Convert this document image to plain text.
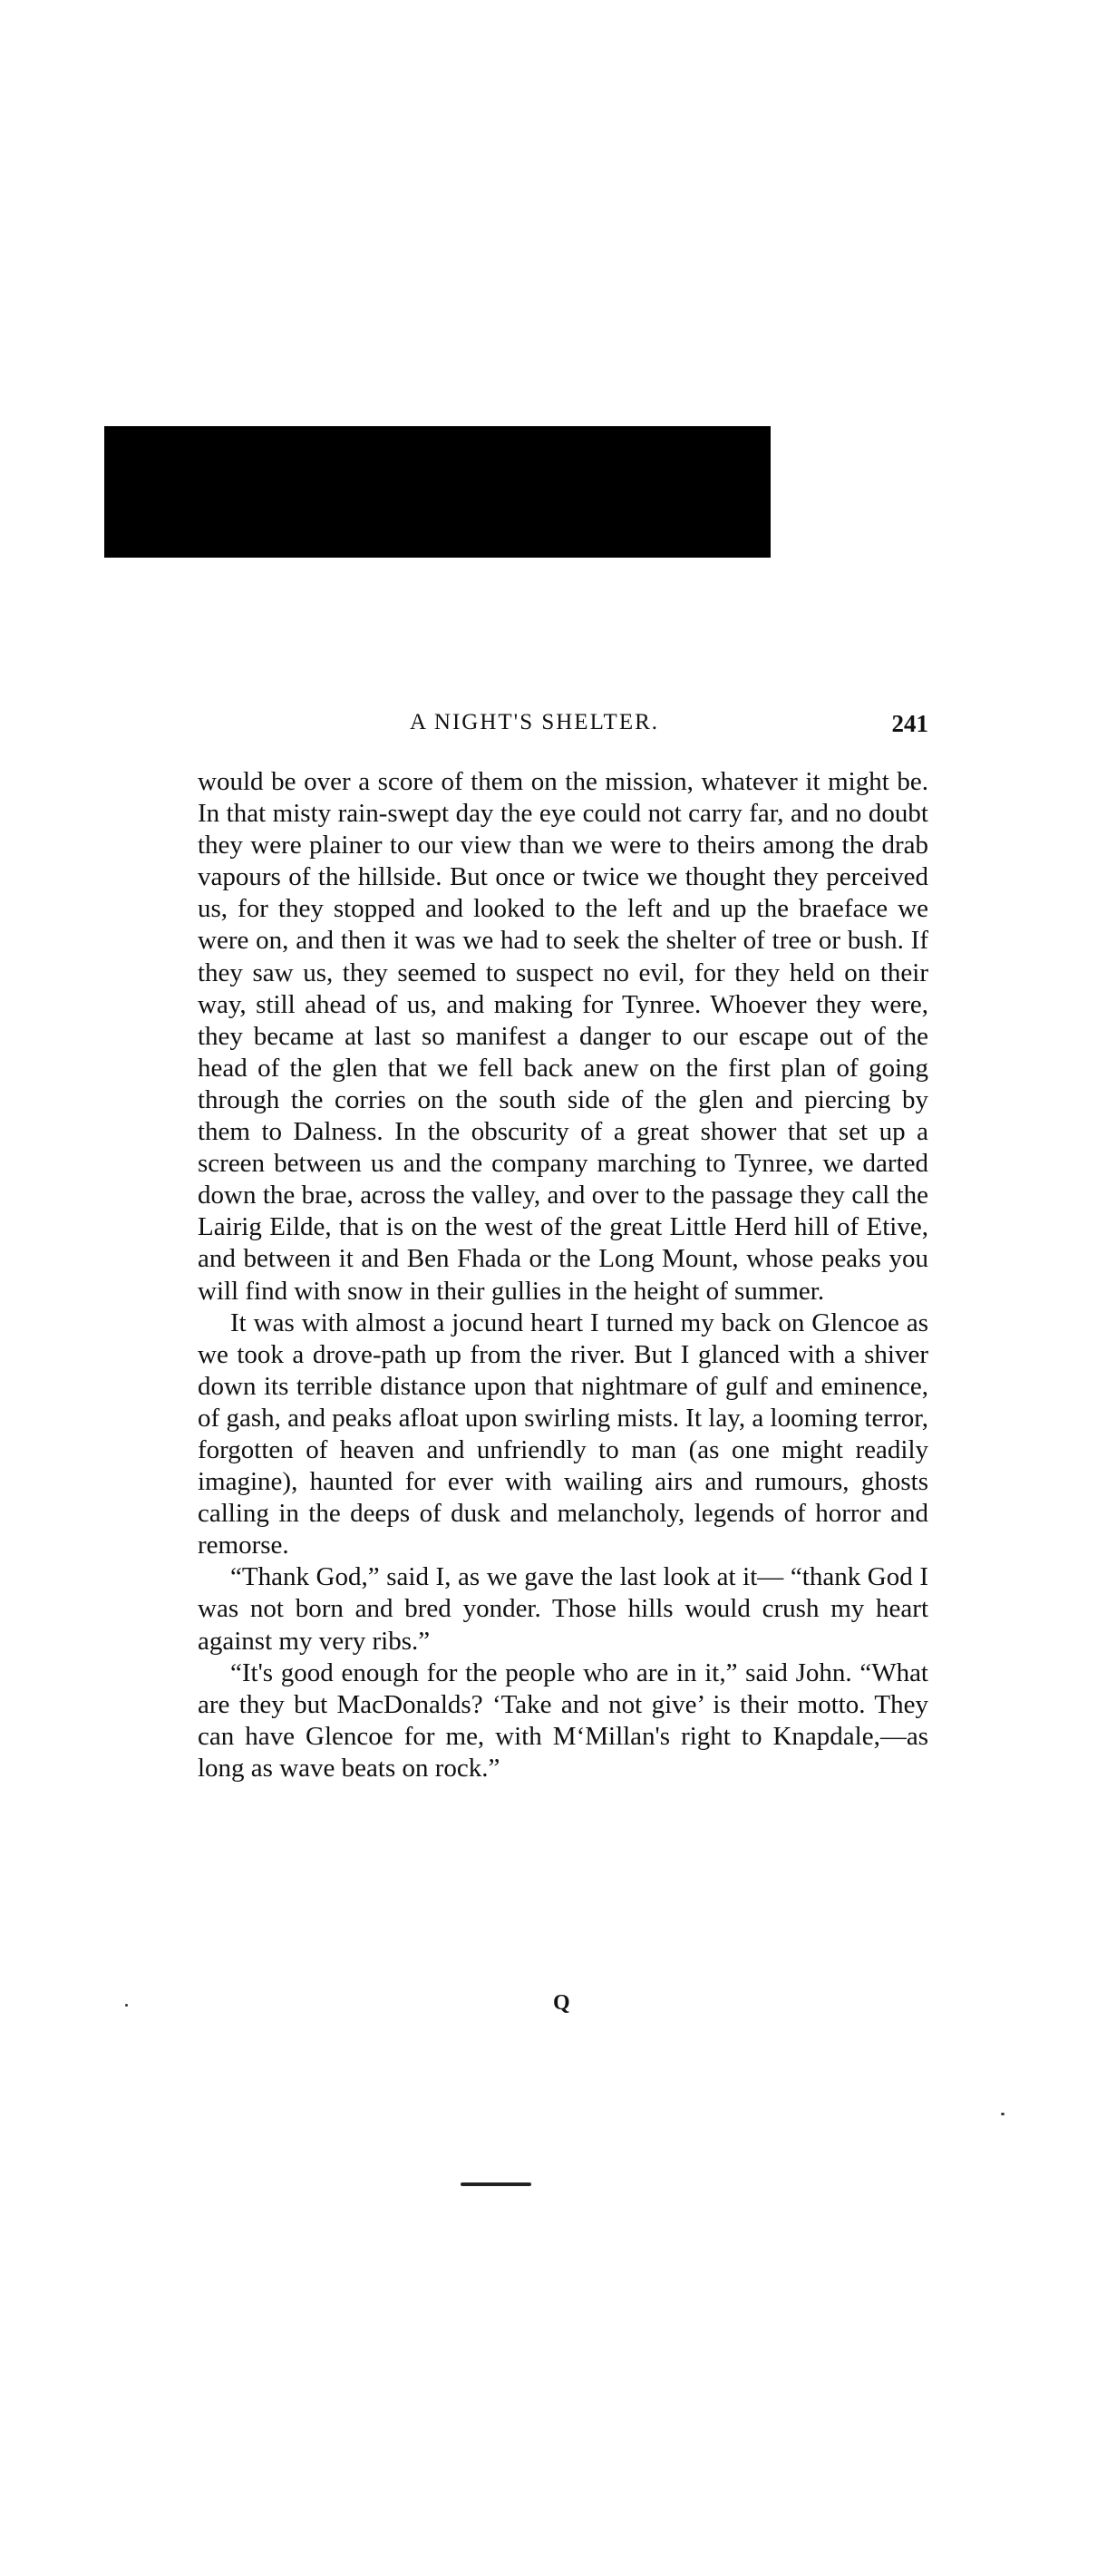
A NIGHT'S SHELTER.	241

would be over a score of them on the mission, whatever it might be. In that misty rain-swept day the eye could not carry far, and no doubt they were plainer to our view than we were to theirs among the drab vapours of the hillside. But once or twice we thought they perceived us, for they stopped and looked to the left and up the braeface we were on, and then it was we had to seek the shelter of tree or bush. If they saw us, they seemed to suspect no evil, for they held on their way, still ahead of us, and making for Tynree. Whoever they were, they became at last so manifest a danger to our escape out of the head of the glen that we fell back anew on the first plan of going through the corries on the south side of the glen and piercing by them to Dalness. In the obscurity of a great shower that set up a screen between us and the company marching to Tynree, we darted down the brae, across the valley, and over to the passage they call the Lairig Eilde, that is on the west of the great Little Herd hill of Etive, and between it and Ben Fhada or the Long Mount, whose peaks you will find with snow in their gullies in the height of summer.

It was with almost a jocund heart I turned my back on Glencoe as we took a drove-path up from the river. But I glanced with a shiver down its terrible distance upon that nightmare of gulf and eminence, of gash, and peaks afloat upon swirling mists. It lay, a looming terror, forgotten of heaven and unfriendly to man (as one might readily imagine), haunted for ever with wailing airs and rumours, ghosts calling in the deeps of dusk and melancholy, legends of horror and remorse.

“Thank God,” said I, as we gave the last look at it— “thank God I was not born and bred yonder. Those hills would crush my heart against my very ribs.”

“It's good enough for the people who are in it,” said John. “What are they but MacDonalds? ‘Take and not give’ is their motto. They can have Glencoe for me, with M‘Millan's right to Knapdale,—as long as wave beats on rock.”

Q
